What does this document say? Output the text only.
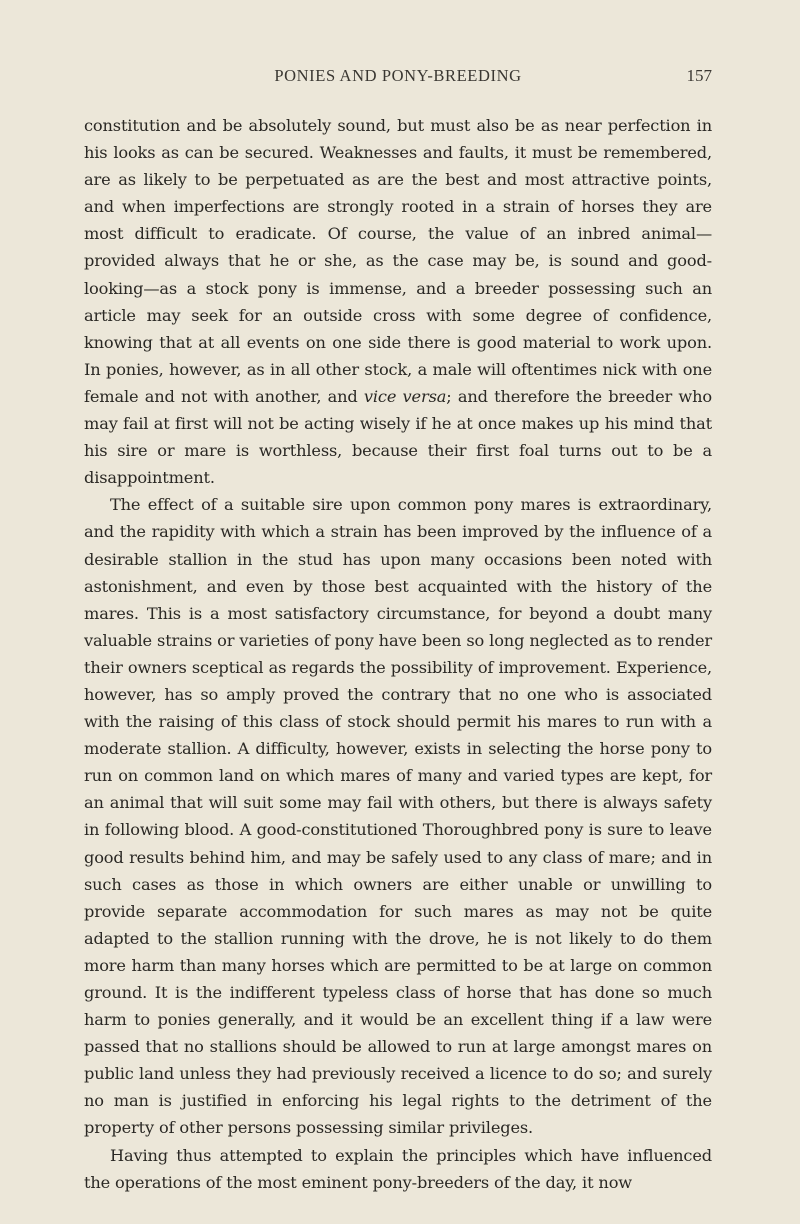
PONIES AND PONY-BREEDING	157

constitution and be absolutely sound, but must also be as near perfection in his looks as can be secured. Weaknesses and faults, it must be remembered, are as likely to be perpetuated as are the best and most attractive points, and when imperfections are strongly rooted in a strain of horses they are most difficult to eradicate. Of course, the value of an inbred animal—provided always that he or she, as the case may be, is sound and good-looking—as a stock pony is immense, and a breeder possessing such an article may seek for an outside cross with some degree of confidence, knowing that at all events on one side there is good material to work upon. In ponies, however, as in all other stock, a male will oftentimes nick with one female and not with another, and vice versa; and therefore the breeder who may fail at first will not be acting wisely if he at once makes up his mind that his sire or mare is worthless, because their first foal turns out to be a disappointment.

The effect of a suitable sire upon common pony mares is extraordinary, and the rapidity with which a strain has been improved by the influence of a desirable stallion in the stud has upon many occasions been noted with astonishment, and even by those best acquainted with the history of the mares. This is a most satisfactory circumstance, for beyond a doubt many valuable strains or varieties of pony have been so long neglected as to render their owners sceptical as regards the possibility of improvement. Experience, however, has so amply proved the contrary that no one who is associated with the raising of this class of stock should permit his mares to run with a moderate stallion. A difficulty, however, exists in selecting the horse pony to run on common land on which mares of many and varied types are kept, for an animal that will suit some may fail with others, but there is always safety in following blood. A good-constitutioned Thoroughbred pony is sure to leave good results behind him, and may be safely used to any class of mare; and in such cases as those in which owners are either unable or unwilling to provide separate accommodation for such mares as may not be quite adapted to the stallion running with the drove, he is not likely to do them more harm than many horses which are permitted to be at large on common ground. It is the indifferent typeless class of horse that has done so much harm to ponies generally, and it would be an excellent thing if a law were passed that no stallions should be allowed to run at large amongst mares on public land unless they had previously received a licence to do so; and surely no man is justified in enforcing his legal rights to the detriment of the property of other persons possessing similar privileges.

Having thus attempted to explain the principles which have influenced the operations of the most eminent pony-breeders of the day, it now
